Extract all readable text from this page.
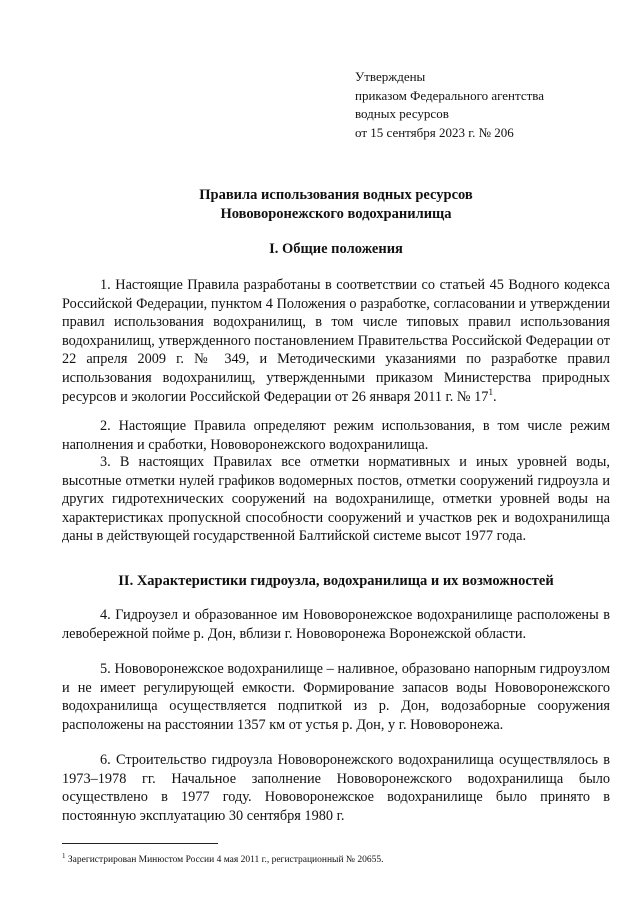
Утверждены
приказом Федерального агентства
водных ресурсов
от 15 сентября 2023 г. № 206
Правила использования водных ресурсов
Нововоронежского водохранилища
I. Общие положения

1. Настоящие Правила разработаны в соответствии со статьей 45 Водного кодекса Российской Федерации, пунктом 4 Положения о разработке, согласовании и утверждении правил использования водохранилищ, в том числе типовых правил использования водохранилищ, утвержденного постановлением Правительства Российской Федерации от 22 апреля 2009 г. № 349, и Методическими указаниями по разработке правил использования водохранилищ, утвержденными приказом Министерства природных ресурсов и экологии Российской Федерации от 26 января 2011 г. № $17^1$.

2. Настоящие Правила определяют режим использования, в том числе режим наполнения и сработки, Нововоронежского водохранилища.

3. В настоящих Правилах все отметки нормативных и иных уровней воды, высотные отметки нулей графиков водомерных постов, отметки сооружений гидроузла и других гидротехнических сооружений на водохранилище, отметки уровней воды на характеристиках пропускной способности сооружений и участков рек и водохранилища даны в действующей государственной Балтийской системе высот 1977 года.

II. Характеристики гидроузла, водохранилища и их возможностей

4. Гидроузел и образованное им Нововоронежское водохранилище расположены в левобережной пойме р. Дон, вблизи г. Нововоронежа Воронежской области.

5. Нововоронежское водохранилище – наливное, образовано напорным гидроузлом и не имеет регулирующей емкости. Формирование запасов воды Нововоронежского водохранилища осуществляется подпиткой из р. Дон, водозаборные сооружения расположены на расстоянии 1357 км от устья р. Дон, у г. Нововоронежа.

6. Строительство гидроузла Нововоронежского водохранилища осуществлялось в 1973–1978 гг. Начальное заполнение Нововоронежского водохранилища было осуществлено в 1977 году. Нововоронежское водохранилище было принято в постоянную эксплуатацию 30 сентября 1980 г.

$^1$ Зарегистрирован Минюстом России 4 мая 2011 г., регистрационный № 20655.
